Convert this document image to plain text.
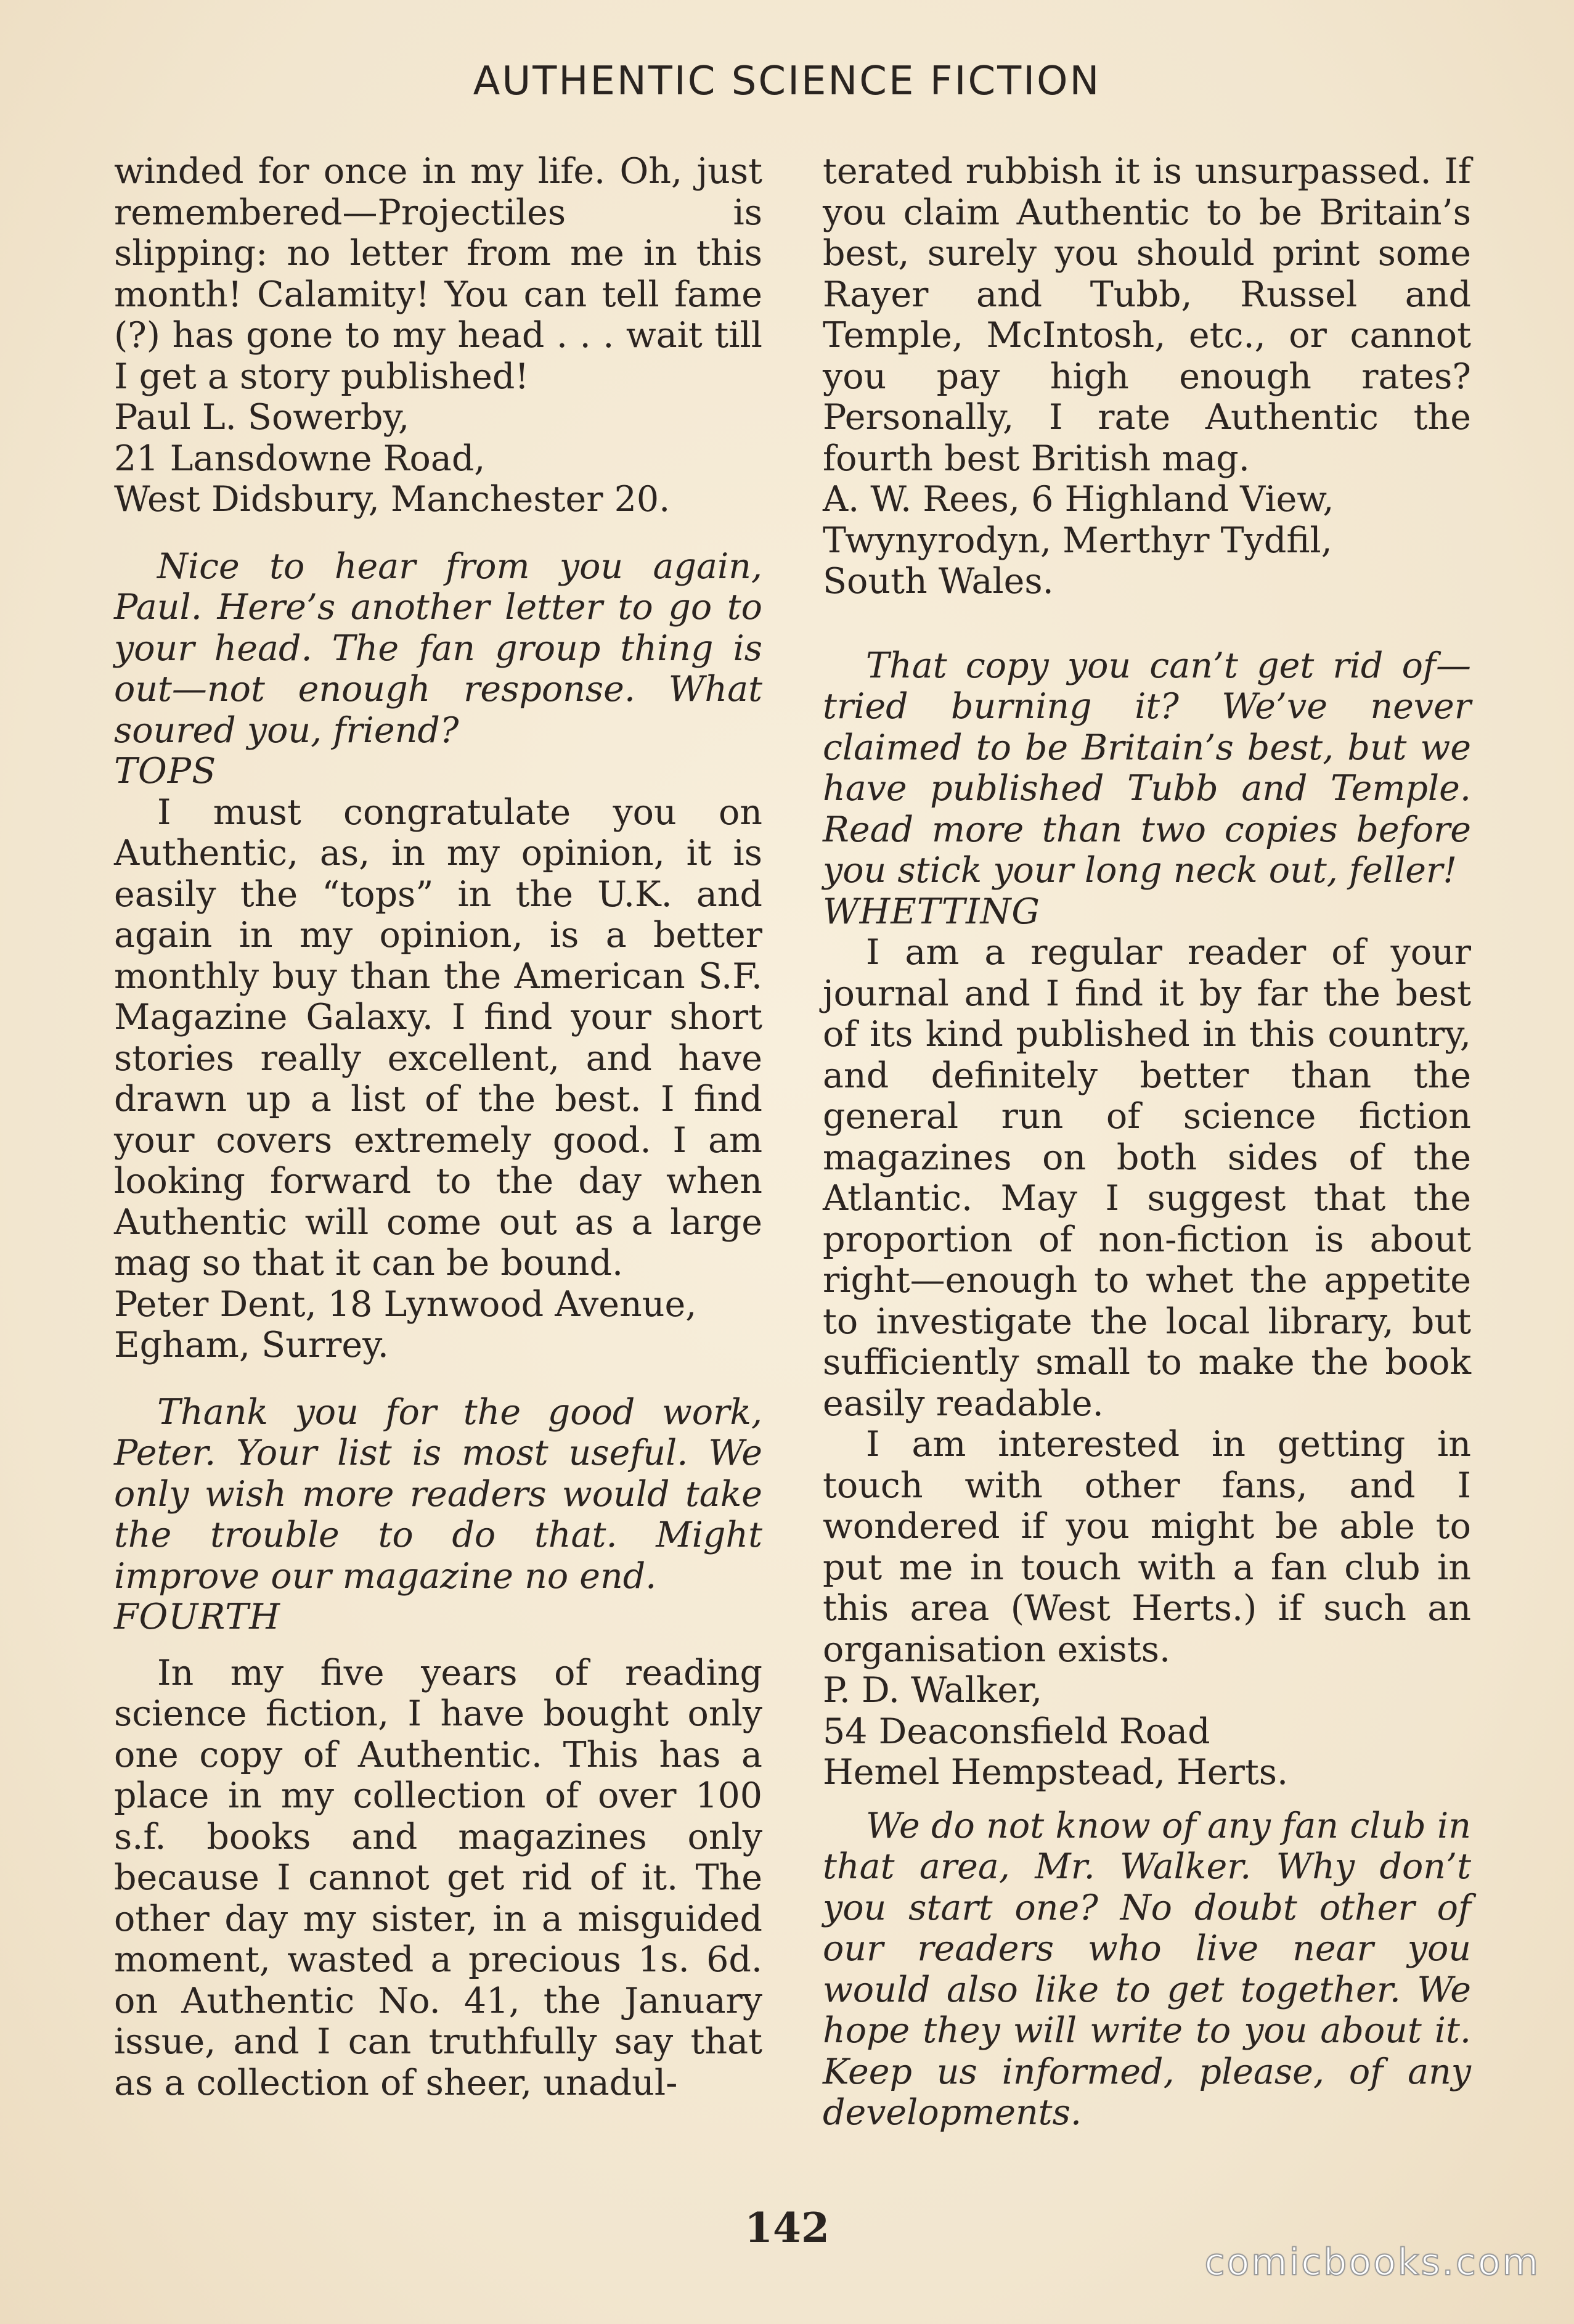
AUTHENTIC SCIENCE FICTION

winded for once in my life. Oh, just remembered—Projectiles is slipping: no letter from me in this month! Calamity! You can tell fame (?) has gone to my head . . . wait till I get a story published!

Paul L. Sowerby,
21 Lansdowne Road,
West Didsbury, Manchester 20.

Nice to hear from you again, Paul. Here’s another letter to go to your head. The fan group thing is out—not enough response. What soured you, friend?

TOPS

I must congratulate you on Authentic, as, in my opinion, it is easily the “tops” in the U.K. and again in my opinion, is a better monthly buy than the American S.F. Magazine Galaxy. I find your short stories really excellent, and have drawn up a list of the best. I find your covers extremely good. I am looking forward to the day when Authentic will come out as a large mag so that it can be bound.

Peter Dent, 18 Lynwood Avenue,
Egham, Surrey.

Thank you for the good work, Peter. Your list is most useful. We only wish more readers would take the trouble to do that. Might improve our magazine no end.

FOURTH

In my five years of reading science fiction, I have bought only one copy of Authentic. This has a place in my collection of over 100 s.f. books and magazines only because I cannot get rid of it. The other day my sister, in a misguided moment, wasted a precious 1s. 6d. on Authentic No. 41, the January issue, and I can truthfully say that as a collection of sheer, unadul-

terated rubbish it is unsurpassed. If you claim Authentic to be Britain’s best, surely you should print some Rayer and Tubb, Russel and Temple, McIntosh, etc., or cannot you pay high enough rates? Personally, I rate Authentic the fourth best British mag.

A. W. Rees, 6 Highland View,
Twynyrodyn, Merthyr Tydfil,
South Wales.

That copy you can’t get rid of—tried burning it? We’ve never claimed to be Britain’s best, but we have published Tubb and Temple. Read more than two copies before you stick your long neck out, feller!

WHETTING

I am a regular reader of your journal and I find it by far the best of its kind published in this country, and definitely better than the general run of science fiction magazines on both sides of the Atlantic. May I suggest that the proportion of non-fiction is about right—enough to whet the appetite to investigate the local library, but sufficiently small to make the book easily readable.

I am interested in getting in touch with other fans, and I wondered if you might be able to put me in touch with a fan club in this area (West Herts.) if such an organisation exists.

P. D. Walker,
54 Deaconsfield Road
Hemel Hempstead, Herts.

We do not know of any fan club in that area, Mr. Walker. Why don’t you start one? No doubt other of our readers who live near you would also like to get together. We hope they will write to you about it. Keep us informed, please, of any developments.

142
comicbooks.com
